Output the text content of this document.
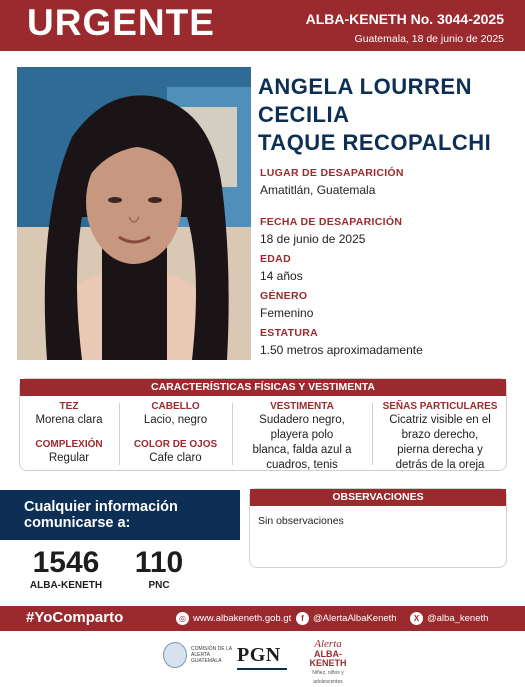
URGENTE	ALBA-KENETH No. 3044-2025
Guatemala, 18 de junio de 2025
ANGELA LOURREN
CECILIA
TAQUE RECOPALCHI
LUGAR DE DESAPARICIÓN
Amatitlán, Guatemala
FECHA DE DESAPARICIÓN
18 de junio de 2025
EDAD
14 años
GÉNERO
Femenino
ESTATURA
1.50 metros aproximadamente
CARACTERÍSTICAS FÍSICAS Y VESTIMENTA
TEZ
Morena clara
COMPLEXIÓN
Regular
CABELLO
Lacio, negro
COLOR DE OJOS
Cafe claro
VESTIMENTA
Sudadero negro,
playera polo
blanca, falda azul a
cuadros, tenis
SEÑAS PARTICULARES
Cicatriz visible en el
brazo derecho,
pierna derecha y
detrás de la oreja
Cualquier información
comunicarse a:
1546
ALBA-KENETH
110
PNC
OBSERVACIONES
Sin observaciones
#YoComparto	◎ www.albakeneth.gob.gt	f @AlertaAlbaKeneth	X @alba_keneth
COMISIÓN DE LA ALERTA
GUATEMALA PGN	Alerta
ALBA-KENETH
Niñez, niños y adolescentes
